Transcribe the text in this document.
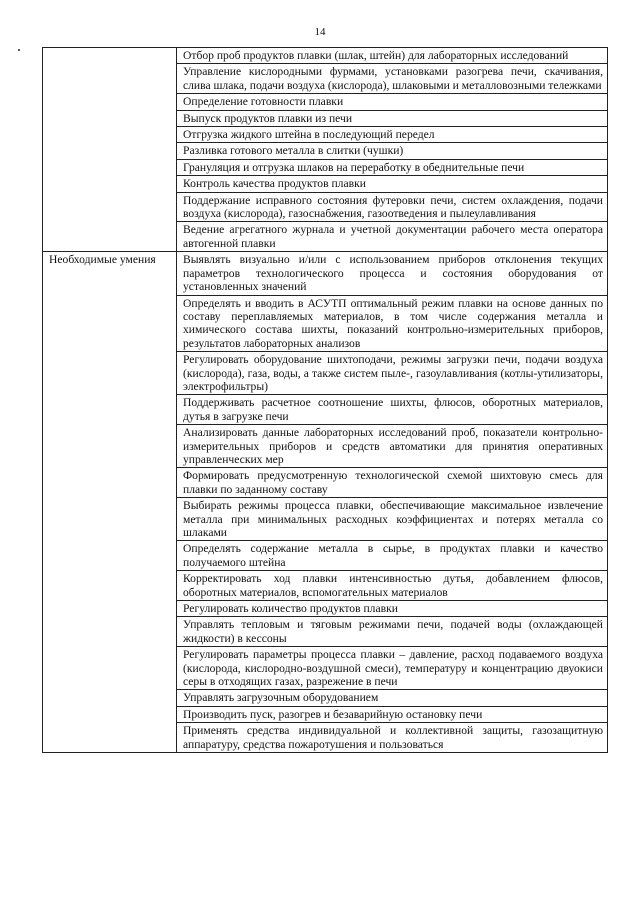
14
	Отбор проб продуктов плавки (шлак, штейн) для лабораторных исследований
	Управление кислородными фурмами, установками разогрева печи, скачивания, слива шлака, подачи воздуха (кислорода), шлаковыми и металловозными тележками
	Определение готовности плавки
	Выпуск продуктов плавки из печи
	Отгрузка жидкого штейна в последующий передел
	Разливка готового металла в слитки (чушки)
	Грануляция и отгрузка шлаков на переработку в обеднительные печи
	Контроль качества продуктов плавки
	Поддержание исправного состояния футеровки печи, систем охлаждения, подачи воздуха (кислорода), газоснабжения, газоотведения и пылеулавливания
	Ведение агрегатного журнала и учетной документации рабочего места оператора автогенной плавки

Необходимые умения	Выявлять визуально и/или с использованием приборов отклонения текущих параметров технологического процесса и состояния оборудования от установленных значений
	Определять и вводить в АСУТП оптимальный режим плавки на основе данных по составу переплавляемых материалов, в том числе содержания металла и химического состава шихты, показаний контрольно-измерительных приборов, результатов лабораторных анализов
	Регулировать оборудование шихтоподачи, режимы загрузки печи, подачи воздуха (кислорода), газа, воды, а также систем пыле-, газоулавливания (котлы-утилизаторы, электрофильтры)
	Поддерживать расчетное соотношение шихты, флюсов, оборотных материалов, дутья в загрузке печи
	Анализировать данные лабораторных исследований проб, показатели контрольно-измерительных приборов и средств автоматики для принятия оперативных управленческих мер
	Формировать предусмотренную технологической схемой шихтовую смесь для плавки по заданному составу
	Выбирать режимы процесса плавки, обеспечивающие максимальное извлечение металла при минимальных расходных коэффициентах и потерях металла со шлаками
	Определять содержание металла в сырье, в продуктах плавки и качество получаемого штейна
	Корректировать ход плавки интенсивностью дутья, добавлением флюсов, оборотных материалов, вспомогательных материалов
	Регулировать количество продуктов плавки
	Управлять тепловым и тяговым режимами печи, подачей воды (охлаждающей жидкости) в кессоны
	Регулировать параметры процесса плавки – давление, расход подаваемого воздуха (кислорода, кислородно-воздушной смеси), температуру и концентрацию двуокиси серы в отходящих газах, разрежение в печи
	Управлять загрузочным оборудованием
	Производить пуск, разогрев и безаварийную остановку печи
	Применять средства индивидуальной и коллективной защиты, газозащитную аппаратуру, средства пожаротушения и пользоваться
